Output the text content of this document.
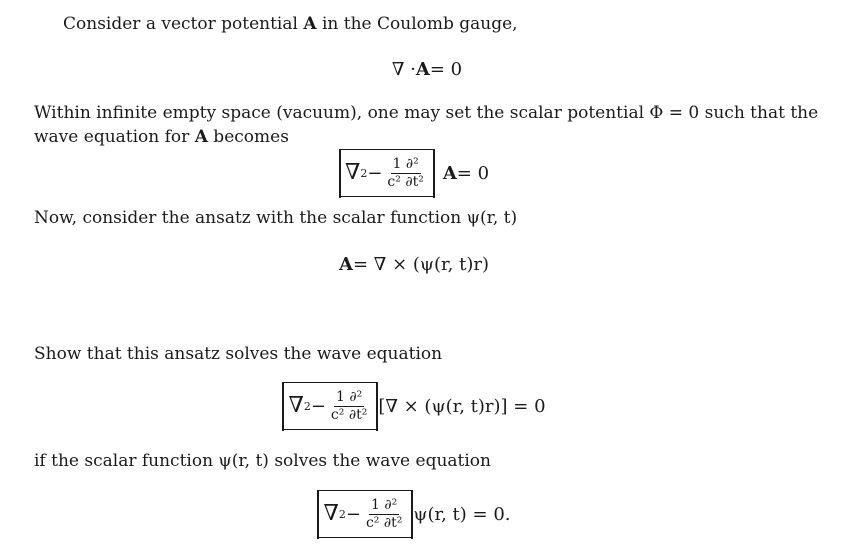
Consider a vector potential A in the Coulomb gauge,
∇ · A = 0
Within infinite empty space (vacuum), one may set the scalar potential Φ = 0 such that the
wave equation for A becomes
∇ $2 - \frac{\text{1 ∂²}}{\text{c² ∂t²}}$ A = 0
Now, consider the ansatz with the scalar function ψ(r, t)
A = ∇ × (ψ(r, t)r)
Show that this ansatz solves the wave equation
∇ $2 - \frac{\text{1 ∂²}}{\text{c² ∂t²}}$ [∇ × (ψ(r, t)r)] = 0
if the scalar function ψ(r, t) solves the wave equation
∇ $2 - \frac{\text{1 ∂²}}{\text{c² ∂t²}} \psi(r$, t) = 0.
